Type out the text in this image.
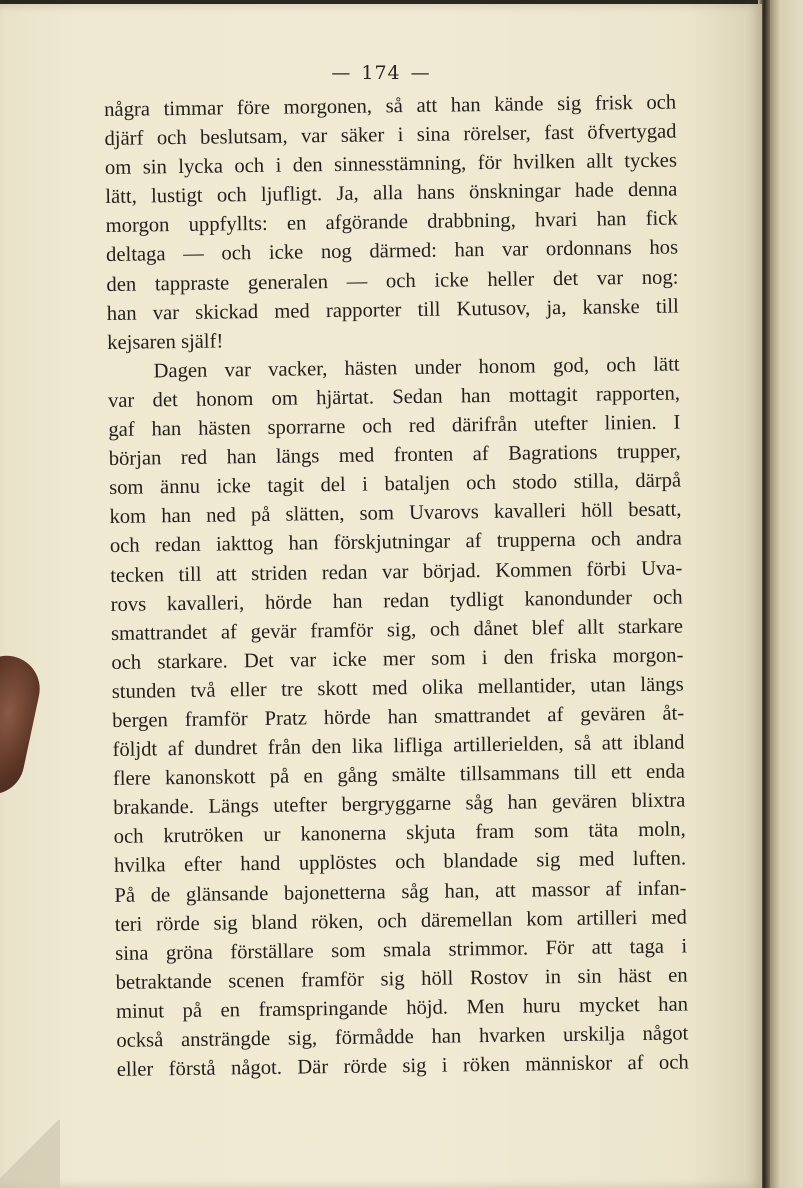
— 174 —
några timmar före morgonen, så att han kände sig frisk och
djärf och beslutsam, var säker i sina rörelser, fast öfvertygad
om sin lycka och i den sinnesstämning, för hvilken allt tyckes
lätt, lustigt och ljufligt. Ja, alla hans önskningar hade denna
morgon uppfyllts: en afgörande drabbning, hvari han fick
deltaga — och icke nog därmed: han var ordonnans hos
den tappraste generalen — och icke heller det var nog:
han var skickad med rapporter till Kutusov, ja, kanske till
kejsaren själf!
Dagen var vacker, hästen under honom god, och lätt
var det honom om hjärtat. Sedan han mottagit rapporten,
gaf han hästen sporrarne och red därifrån utefter linien. I
början red han längs med fronten af Bagrations trupper,
som ännu icke tagit del i bataljen och stodo stilla, därpå
kom han ned på slätten, som Uvarovs kavalleri höll besatt,
och redan iakttog han förskjutningar af trupperna och andra
tecken till att striden redan var börjad. Kommen förbi Uva-
rovs kavalleri, hörde han redan tydligt kanondunder och
smattrandet af gevär framför sig, och dånet blef allt starkare
och starkare. Det var icke mer som i den friska morgon-
stunden två eller tre skott med olika mellantider, utan längs
bergen framför Pratz hörde han smattrandet af gevären åt-
följdt af dundret från den lika lifliga artillerielden, så att ibland
flere kanonskott på en gång smälte tillsammans till ett enda
brakande. Längs utefter bergryggarne såg han gevären blixtra
och krutröken ur kanonerna skjuta fram som täta moln,
hvilka efter hand upplöstes och blandade sig med luften.
På de glänsande bajonetterna såg han, att massor af infan-
teri rörde sig bland röken, och däremellan kom artilleri med
sina gröna förställare som smala strimmor. För att taga i
betraktande scenen framför sig höll Rostov in sin häst en
minut på en framspringande höjd. Men huru mycket han
också ansträngde sig, förmådde han hvarken urskilja något
eller förstå något. Där rörde sig i röken människor af och
